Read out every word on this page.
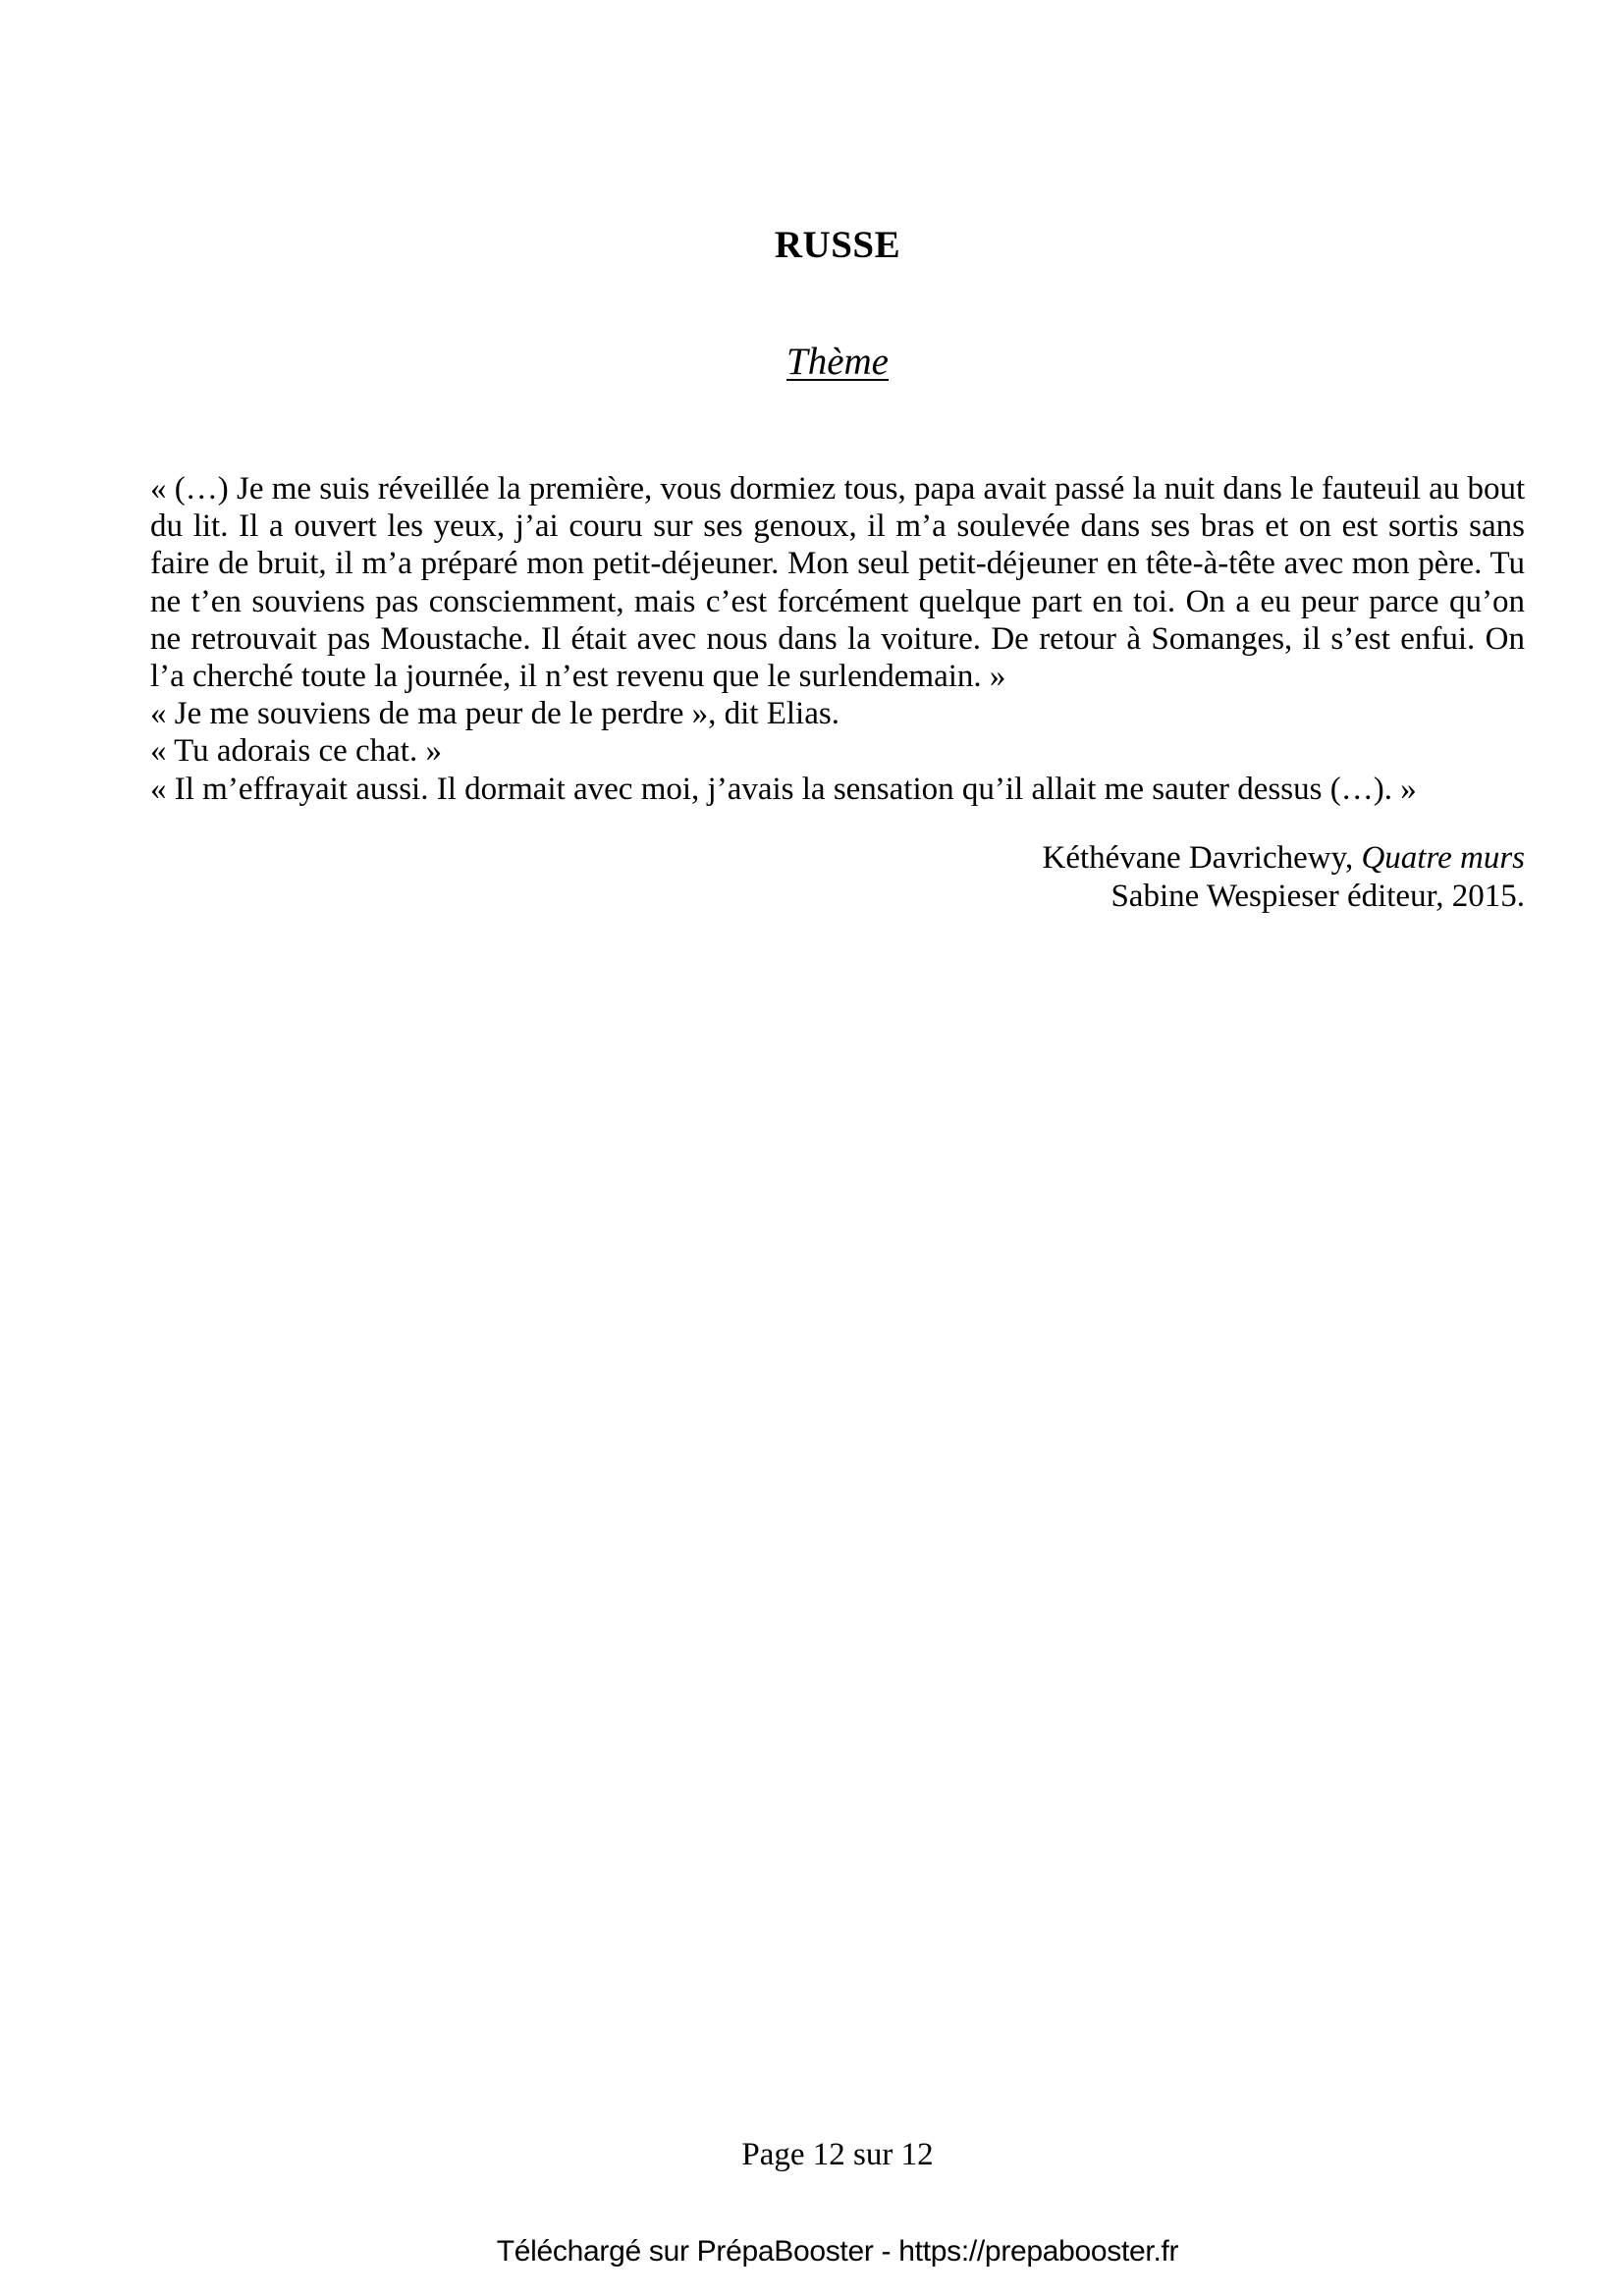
RUSSE
Thème
« (…) Je me suis réveillée la première, vous dormiez tous, papa avait passé la nuit dans le fauteuil au bout
du lit. Il a ouvert les yeux, j’ai couru sur ses genoux, il m’a soulevée dans ses bras et on est sortis sans
faire de bruit, il m’a préparé mon petit-déjeuner. Mon seul petit-déjeuner en tête-à-tête avec mon père. Tu
ne t’en souviens pas consciemment, mais c’est forcément quelque part en toi. On a eu peur parce qu’on
ne retrouvait pas Moustache. Il était avec nous dans la voiture. De retour à Somanges, il s’est enfui. On
l’a cherché toute la journée, il n’est revenu que le surlendemain. »
« Je me souviens de ma peur de le perdre », dit Elias.
« Tu adorais ce chat. »
« Il m’effrayait aussi. Il dormait avec moi, j’avais la sensation qu’il allait me sauter dessus (…). »
Kéthévane Davrichewy, Quatre murs
Sabine Wespieser éditeur, 2015.
Page 12 sur 12
Téléchargé sur PrépaBooster - https://prepabooster.fr
